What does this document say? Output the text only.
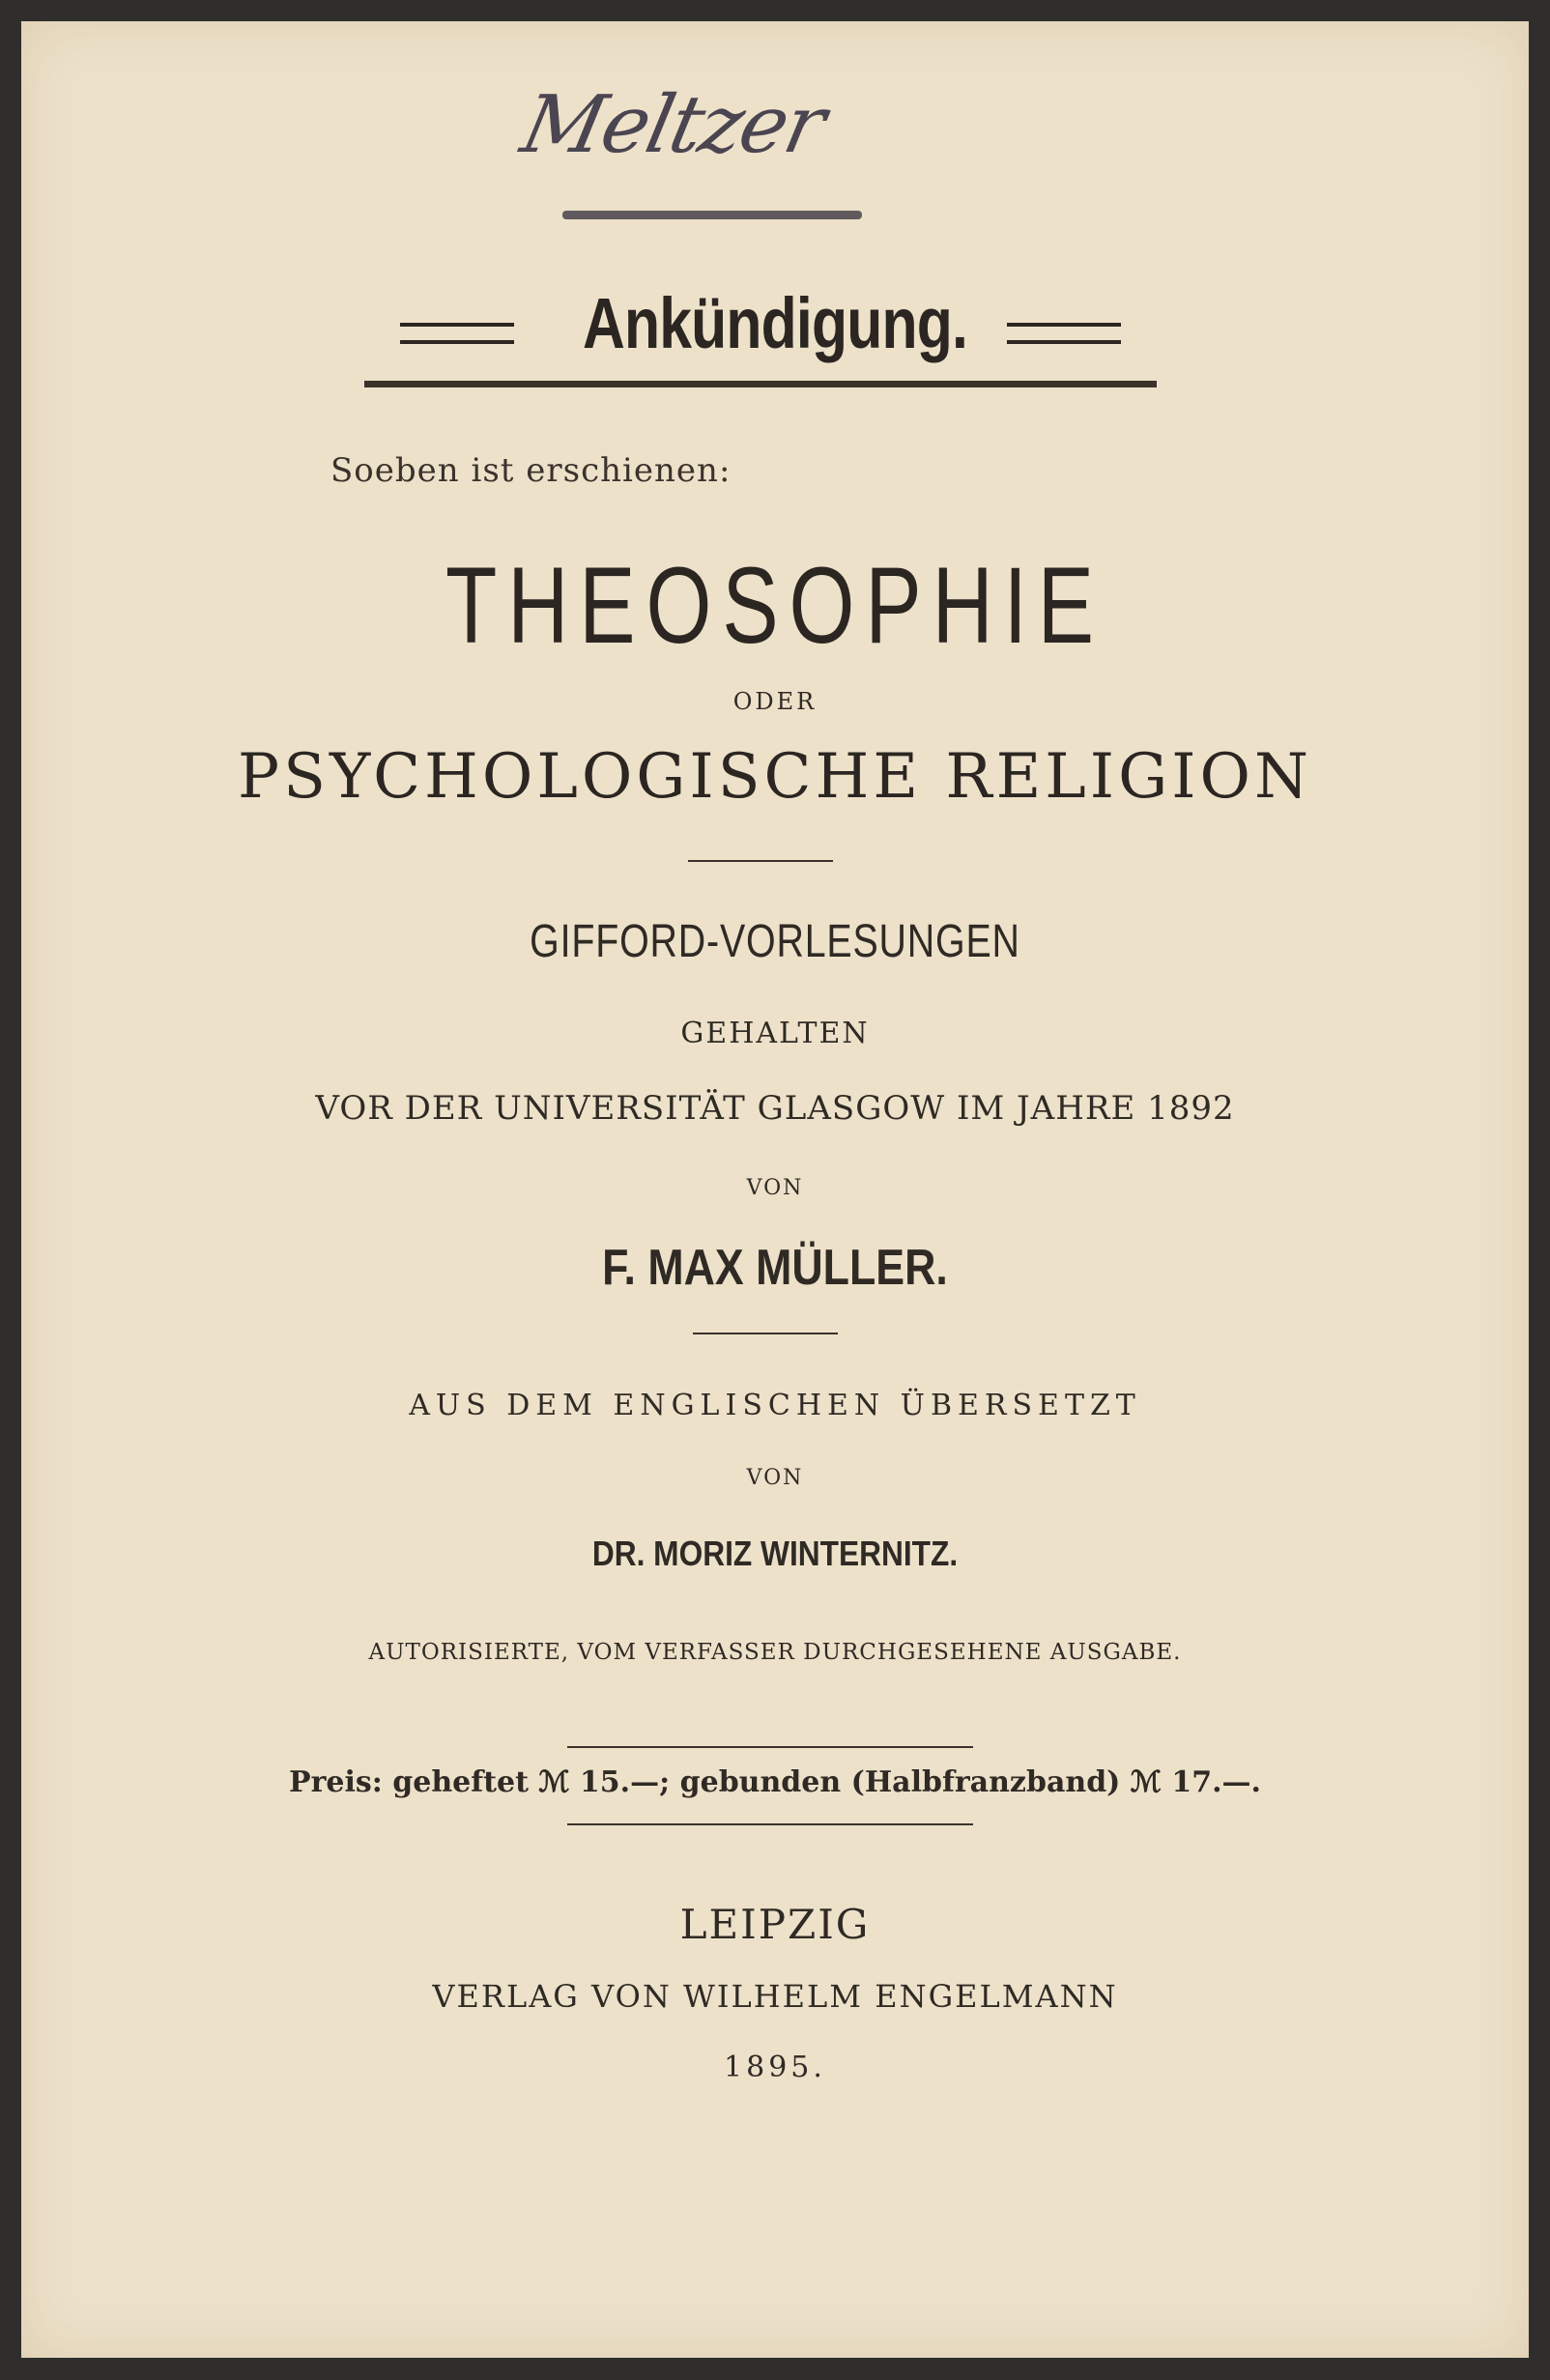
Meltzer
Ankündigung.
Soeben ist erschienen:
THEOSOPHIE
ODER
PSYCHOLOGISCHE RELIGION
GIFFORD-VORLESUNGEN
GEHALTEN
VOR DER UNIVERSITÄT GLASGOW IM JAHRE 1892
VON
F. MAX MÜLLER.
AUS DEM ENGLISCHEN ÜBERSETZT
VON
DR. MORIZ WINTERNITZ.
AUTORISIERTE, VOM VERFASSER DURCHGESEHENE AUSGABE.
Preis: geheftet ℳ 15.—; gebunden (Halbfranzband) ℳ 17.—.
LEIPZIG
VERLAG VON WILHELM ENGELMANN
1895.
